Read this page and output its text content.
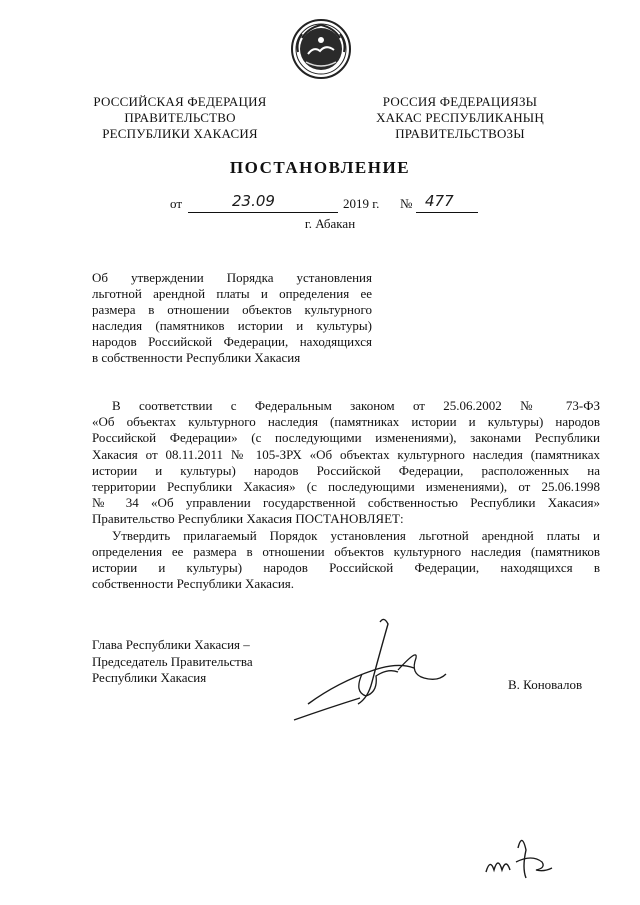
РОССИЙСКАЯ ФЕДЕРАЦИЯ
ПРАВИТЕЛЬСТВО
РЕСПУБЛИКИ ХАКАСИЯ
РОССИЯ ФЕДЕРАЦИЯЗЫ
ХАКАС РЕСПУБЛИКАНЫҢ
ПРАВИТЕЛЬСТВОЗЫ
ПОСТАНОВЛЕНИЕ
от	23.09	2019 г. № 477
г. Абакан
Об утверждении Порядка установления
льготной арендной платы и определения ее
размера в отношении объектов культурного
наследия (памятников истории и культуры)
народов Российской Федерации, находящихся
в собственности Республики Хакасия
В соответствии с Федеральным законом от 25.06.2002 № 73-ФЗ
«Об объектах культурного наследия (памятниках истории и культуры) народов
Российской Федерации» (с последующими изменениями), законами Республики
Хакасия от 08.11.2011 № 105-ЗРХ «Об объектах культурного наследия (памятниках
истории и культуры) народов Российской Федерации, расположенных на
территории Республики Хакасия» (с последующими изменениями), от 25.06.1998
№ 34 «Об управлении государственной собственностью Республики Хакасия»
Правительство Республики Хакасия ПОСТАНОВЛЯЕТ:
Утвердить прилагаемый Порядок установления льготной арендной платы и
определения ее размера в отношении объектов культурного наследия (памятников
истории и культуры) народов Российской Федерации, находящихся в
собственности Республики Хакасия.
Глава Республики Хакасия –
Председатель Правительства
Республики Хакасия	В. Коновалов
